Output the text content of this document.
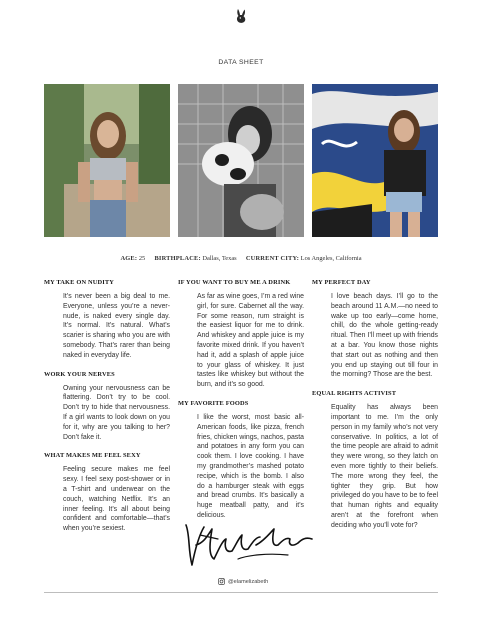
DATA SHEET
AGE: 25 BIRTHPLACE: Dallas, Texas CURRENT CITY: Los Angeles, California
MY TAKE ON NUDITY
It’s never been a big deal to me. Everyone, unless you’re a never-nude, is naked every single day. It’s normal. It’s natural. What’s scarier is sharing who you are with somebody. That’s rarer than being naked in everyday life.
WORK YOUR NERVES
Owning your nervousness can be flattering. Don’t try to be cool. Don’t try to hide that nervousness. If a girl wants to look down on you for it, why are you talking to her? Don’t fake it.
WHAT MAKES ME FEEL SEXY
Feeling secure makes me feel sexy. I feel sexy post-shower or in a T-shirt and underwear on the couch, watching Netflix. It’s an inner feeling. It’s all about being confident and comfortable—that’s when you’re sexiest.
IF YOU WANT TO BUY ME A DRINK
As far as wine goes, I’m a red wine girl, for sure. Cabernet all the way. For some reason, rum straight is the easiest liquor for me to drink. And whiskey and apple juice is my favorite mixed drink. If you haven’t had it, add a splash of apple juice to your glass of whiskey. It just tastes like whiskey but without the burn, and it’s so good.
MY FAVORITE FOODS
I like the worst, most basic all-American foods, like pizza, french fries, chicken wings, nachos, pasta and potatoes in any form you can cook them. I love cooking. I have my grandmother’s mashed potato recipe, which is the bomb. I also do a hamburger steak with eggs and bread crumbs. It’s basically a huge meatball patty, and it’s delicious.
MY PERFECT DAY
I love beach days. I’ll go to the beach around 11 A.M.—no need to wake up too early—come home, chill, do the whole getting-ready ritual. Then I’ll meet up with friends at a bar. You know those nights that start out as nothing and then you end up staying out till four in the morning? Those are the best.
EQUAL RIGHTS ACTIVIST
Equality has always been important to me. I’m the only person in my family who’s not very conservative. In politics, a lot of the time people are afraid to admit they were wrong, so they latch on even more tightly to their beliefs. The more wrong they feel, the tighter they grip. But how privileged do you have to be to feel that human rights and equality aren’t at the forefront when deciding who you’ll vote for?
@elamelizabeth
